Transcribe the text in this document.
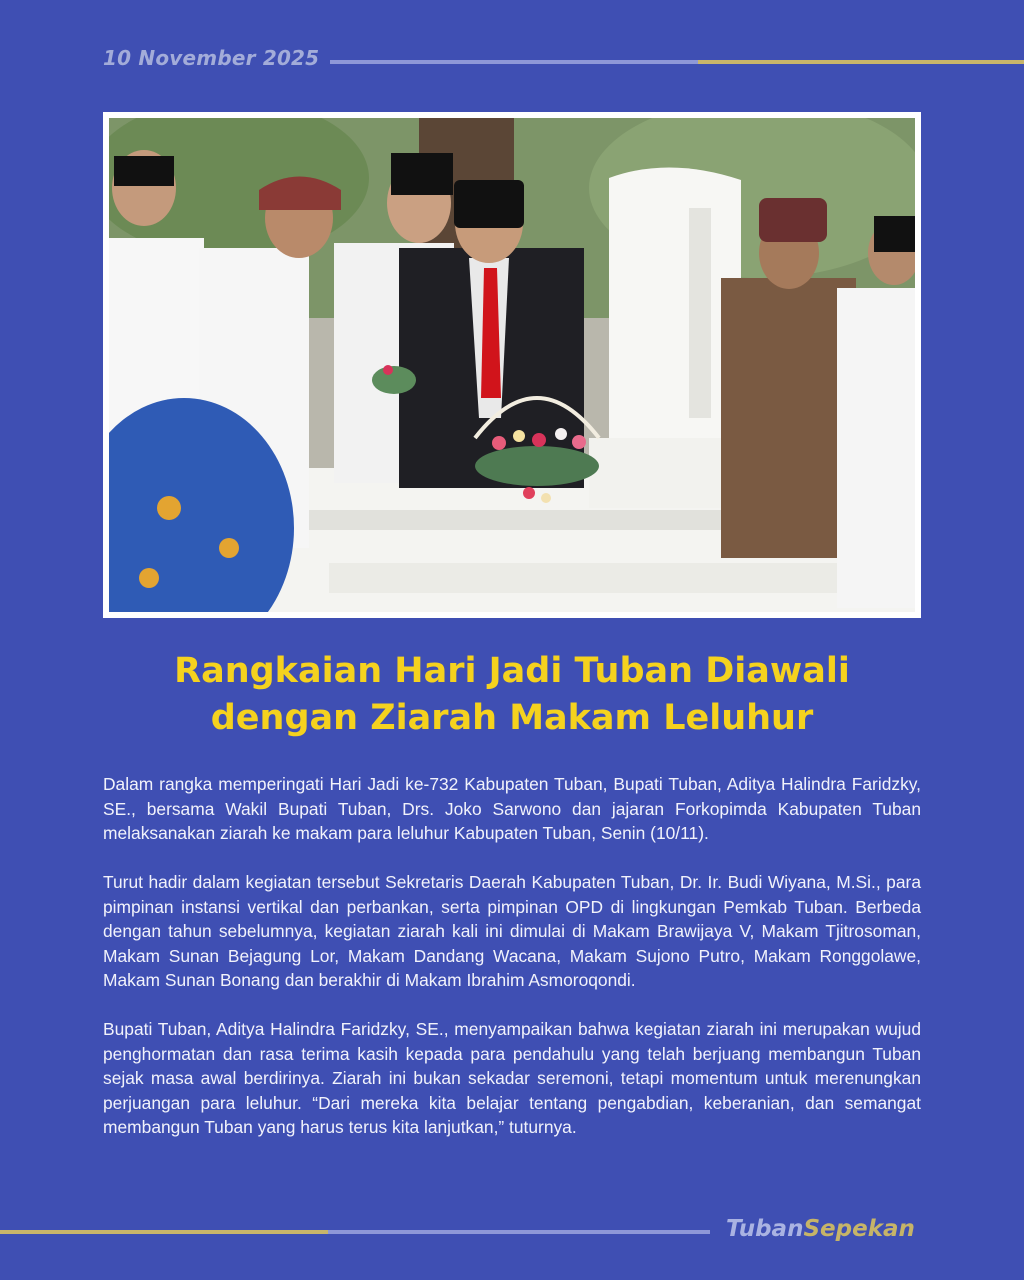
10 November 2025
Rangkaian Hari Jadi Tuban Diawali
dengan Ziarah Makam Leluhur

Dalam rangka memperingati Hari Jadi ke-732 Kabupaten Tuban, Bupati Tuban, Aditya Halindra Faridzky, SE., bersama Wakil Bupati Tuban, Drs. Joko Sarwono dan jajaran Forkopimda Kabupaten Tuban melaksanakan ziarah ke makam para leluhur Kabupaten Tuban, Senin (10/11).

Turut hadir dalam kegiatan tersebut Sekretaris Daerah Kabupaten Tuban, Dr. Ir. Budi Wiyana, M.Si., para pimpinan instansi vertikal dan perbankan, serta pimpinan OPD di lingkungan Pemkab Tuban. Berbeda dengan tahun sebelumnya, kegiatan ziarah kali ini dimulai di Makam Brawijaya V, Makam Tjitrosoman, Makam Sunan Bejagung Lor, Makam Dandang Wacana, Makam Sujono Putro, Makam Ronggolawe, Makam Sunan Bonang dan berakhir di Makam Ibrahim Asmoroqondi.

Bupati Tuban, Aditya Halindra Faridzky, SE., menyampaikan bahwa kegiatan ziarah ini merupakan wujud penghormatan dan rasa terima kasih kepada para pendahulu yang telah berjuang membangun Tuban sejak masa awal berdirinya. Ziarah ini bukan sekadar seremoni, tetapi momentum untuk merenungkan perjuangan para leluhur. “Dari mereka kita belajar tentang pengabdian, keberanian, dan semangat membangun Tuban yang harus terus kita lanjutkan,” tuturnya.

TubanSepekan
